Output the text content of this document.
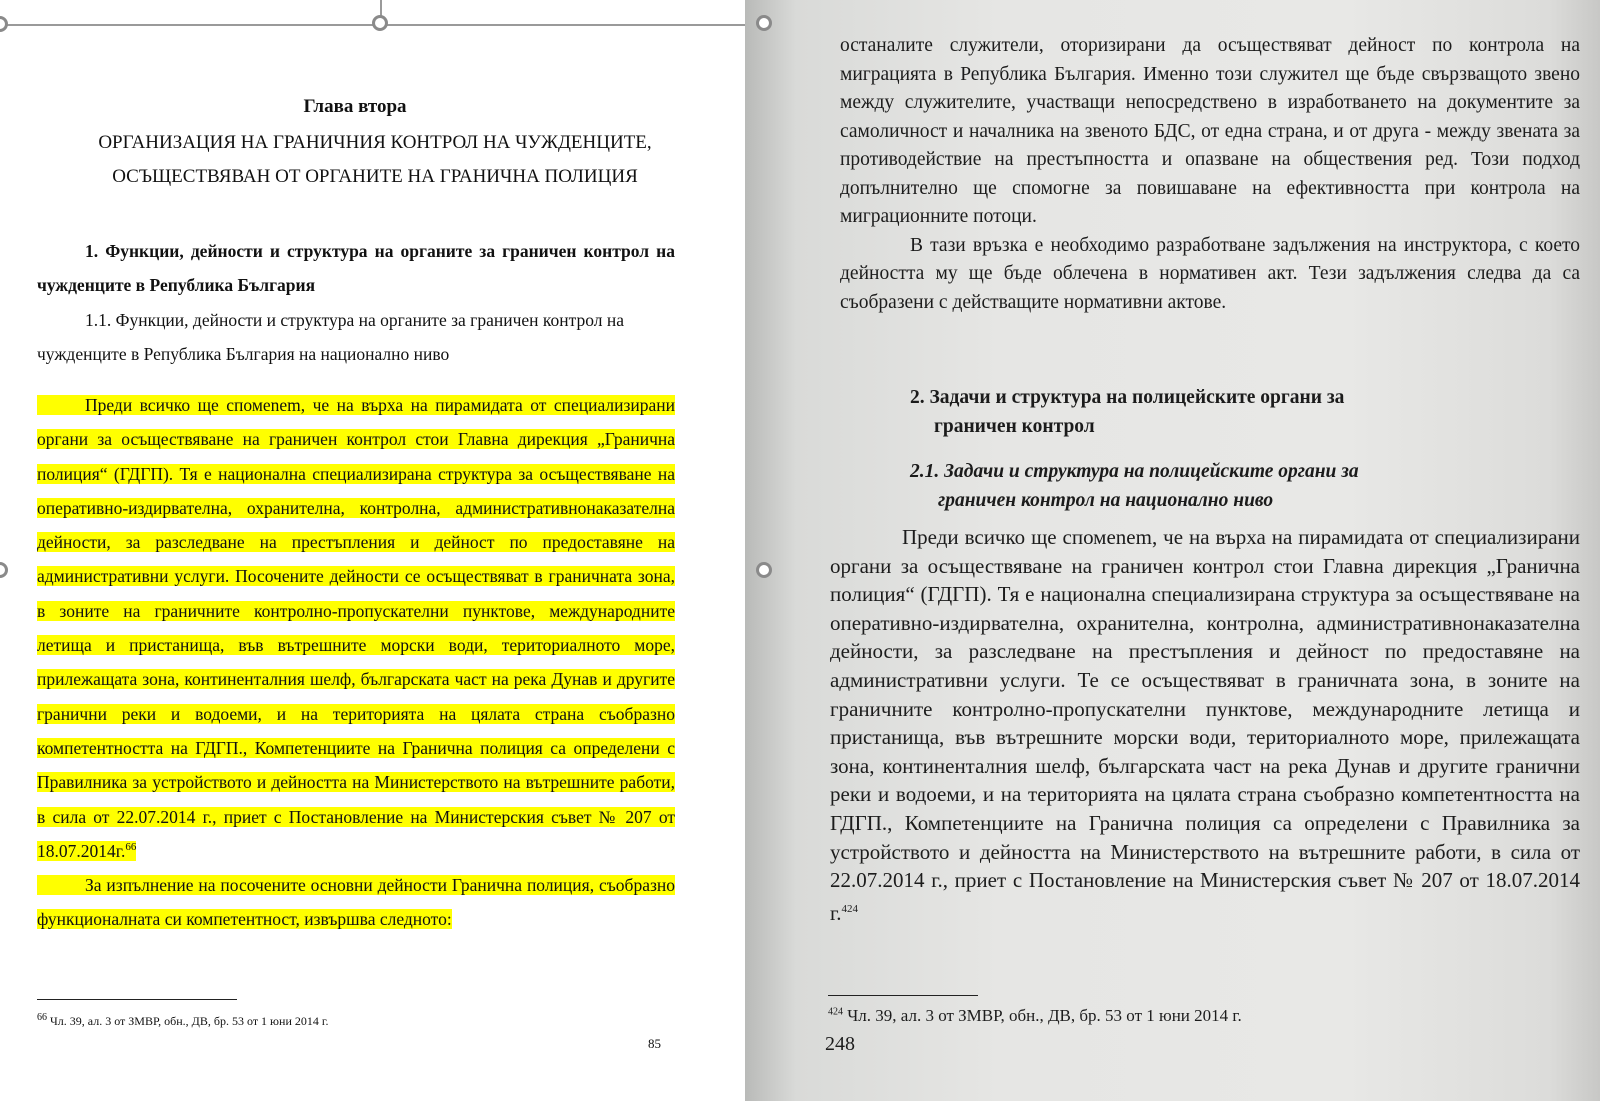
Глава втора
ОРГАНИЗАЦИЯ НА ГРАНИЧНИЯ КОНТРОЛ НА ЧУЖДЕНЦИТЕ,
ОСЪЩЕСТВЯВАН ОТ ОРГАНИТЕ НА ГРАНИЧНА ПОЛИЦИЯ
1. Функции, дейности и структура на органите за граничен контрол на чужденците в Република България
1.1. Функции, дейности и структура на органите за граничен контрол на чужденците в Република България на национално ниво
Преди всичко ще спомenem, че на върха на пирамидата от специализирани органи за осъществяване на граничен контрол стои Главна дирекция „Гранична полиция“ (ГДГП). Тя е национална специализирана структура за осъществяване на оперативно-издирвателна, охранителна, контролна, административнонаказателна дейности, за разследване на престъпления и дейност по предоставяне на административни услуги. Посочените дейности се осъществяват в граничната зона, в зоните на граничните контролно-пропускателни пунктове, международните летища и пристанища, във вътрешните морски води, териториалното море, прилежащата зона, континенталния шелф, българската част на река Дунав и другите гранични реки и водоеми, и на територията на цялата страна съобразно компетентността на ГДГП., Компетенциите на Гранична полиция са определени с Правилника за устройството и дейността на Министерството на вътрешните работи, в сила от 22.07.2014 г., приет с Постановление на Министерския съвет № 207 от 18.07.2014г.$^{66}$
За изпълнение на посочените основни дейности Гранична полиция, съобразно функционалната си компетентност, извършва следното:
$^{66}$ Чл. 39, ал. 3 от ЗМВР, обн., ДВ, бр. 53 от 1 юни 2014 г.
85
останалите служители, оторизирани да осъществяват дейност по контрола на миграцията в Република България. Именно този служител ще бъде свързващото звено между служителите, участващи непосредствено в изработването на документите за самоличност и началника на звеното БДС, от една страна, и от друга - между звената за противодействие на престъпността и опазване на обществения ред. Този подход допълнително ще спомогне за повишаване на ефективността при контрола на миграционните потоци.
В тази връзка е необходимо разработване задължения на инструктора, с което дейността му ще бъде облечена в нормативен акт. Тези задължения следва да са съобразени с действащите нормативни актове.
2. Задачи и структура на полицейските органи за
граничен контрол
2.1. Задачи и структура на полицейските органи за
граничен контрол на национално ниво
Преди всичко ще спомenem, че на върха на пирамидата от специализирани органи за осъществяване на граничен контрол стои Главна дирекция „Гранична полиция“ (ГДГП). Тя е национална специализирана структура за осъществяване на оперативно-издирвателна, охранителна, контролна, административнонаказателна дейности, за разследване на престъпления и дейност по предоставяне на административни услуги. Те се осъществяват в граничната зона, в зоните на граничните контролно-пропускателни пунктове, международните летища и пристанища, във вътрешните морски води, териториалното море, прилежащата зона, континенталния шелф, българската част на река Дунав и другите гранични реки и водоеми, и на територията на цялата страна съобразно компетентността на ГДГП., Компетенциите на Гранична полиция са определени с Правилника за устройството и дейността на Министерството на вътрешните работи, в сила от 22.07.2014 г., приет с Постановление на Министерския съвет № 207 от 18.07.2014 г.$^{424}$
$^{424}$ Чл. 39, ал. 3 от ЗМВР, обн., ДВ, бр. 53 от 1 юни 2014 г.
248
